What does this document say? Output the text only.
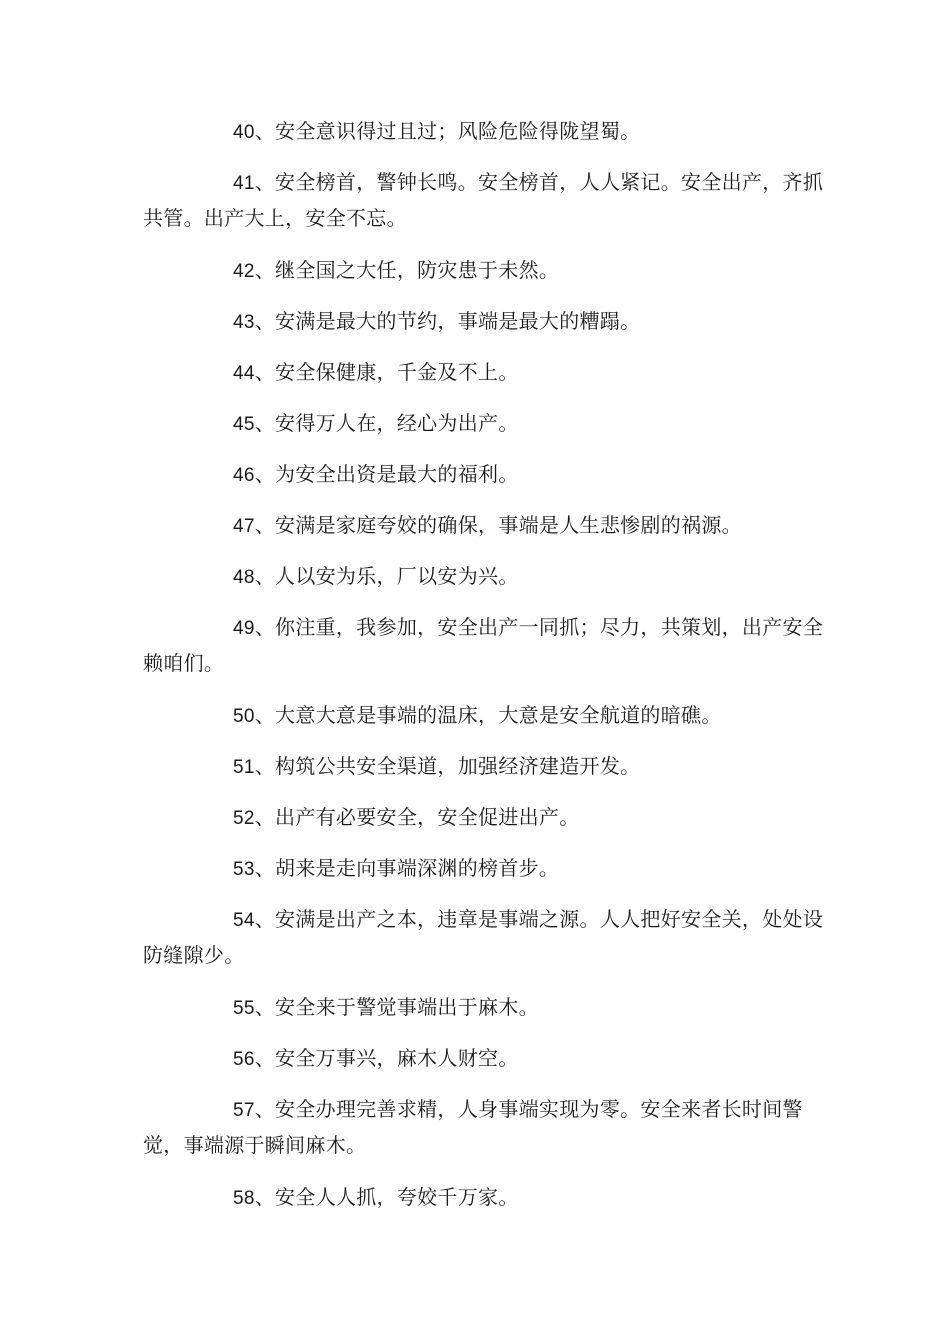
40、安全意识得过且过；风险危险得陇望蜀。

41、安全榜首，警钟长鸣。安全榜首，人人紧记。安全出产，齐抓共管。出产大上，安全不忘。

42、继全国之大任，防灾患于未然。

43、安满是最大的节约，事端是最大的糟蹋。

44、安全保健康，千金及不上。

45、安得万人在，经心为出产。

46、为安全出资是最大的福利。

47、安满是家庭夸姣的确保，事端是人生悲惨剧的祸源。

48、人以安为乐，厂以安为兴。

49、你注重，我参加，安全出产一同抓；尽力，共策划，出产安全赖咱们。

50、大意大意是事端的温床，大意是安全航道的暗礁。

51、构筑公共安全渠道，加强经济建造开发。

52、出产有必要安全，安全促进出产。

53、胡来是走向事端深渊的榜首步。

54、安满是出产之本，违章是事端之源。人人把好安全关，处处设防缝隙少。

55、安全来于警觉事端出于麻木。

56、安全万事兴，麻木人财空。

57、安全办理完善求精，人身事端实现为零。安全来者长时间警觉，事端源于瞬间麻木。

58、安全人人抓，夸姣千万家。
